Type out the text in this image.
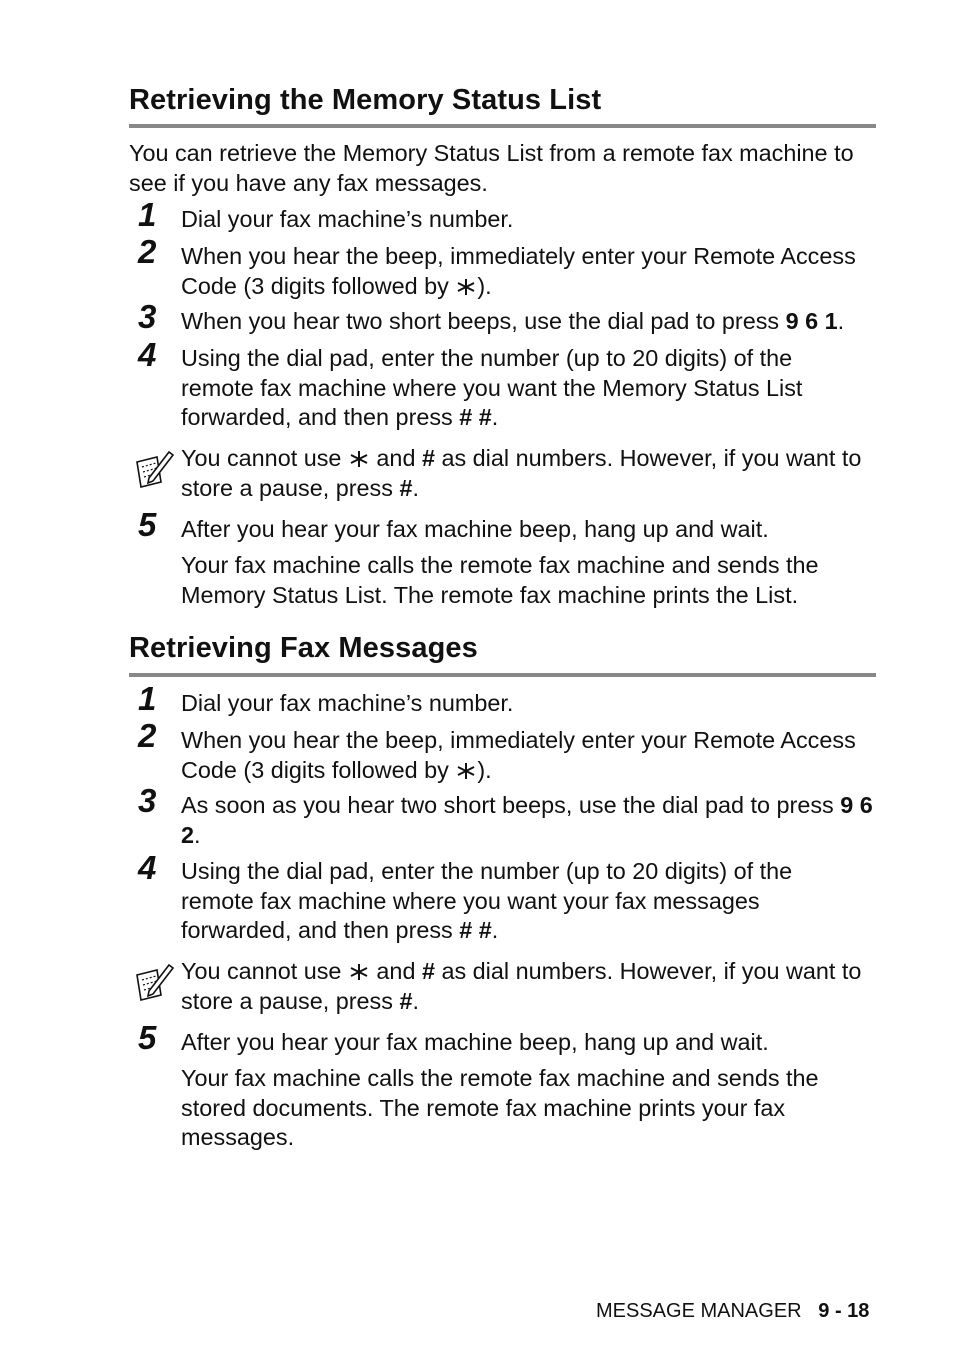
Retrieving the Memory Status List

You can retrieve the Memory Status List from a remote fax machine to see if you have any fax messages.

1 Dial your fax machine’s number.

2 When you hear the beep, immediately enter your Remote Access Code (3 digits followed by ).

3 When you hear two short beeps, use the dial pad to press 9 6 1.

4 Using the dial pad, enter the number (up to 20 digits) of the remote fax machine where you want the Memory Status List forwarded, and then press # #.

You cannot use and # as dial numbers. However, if you want to store a pause, press #.

5 After you hear your fax machine beep, hang up and wait.

Your fax machine calls the remote fax machine and sends the Memory Status List. The remote fax machine prints the List.

Retrieving Fax Messages
1 Dial your fax machine’s number.

2 When you hear the beep, immediately enter your Remote Access Code (3 digits followed by ).

3 As soon as you hear two short beeps, use the dial pad to press 9 6 2.

4 Using the dial pad, enter the number (up to 20 digits) of the remote fax machine where you want your fax messages forwarded, and then press # #.

You cannot use and # as dial numbers. However, if you want to store a pause, press #.

5 After you hear your fax machine beep, hang up and wait.

Your fax machine calls the remote fax machine and sends the stored documents. The remote fax machine prints your fax messages.

MESSAGE MANAGER 9 - 18
